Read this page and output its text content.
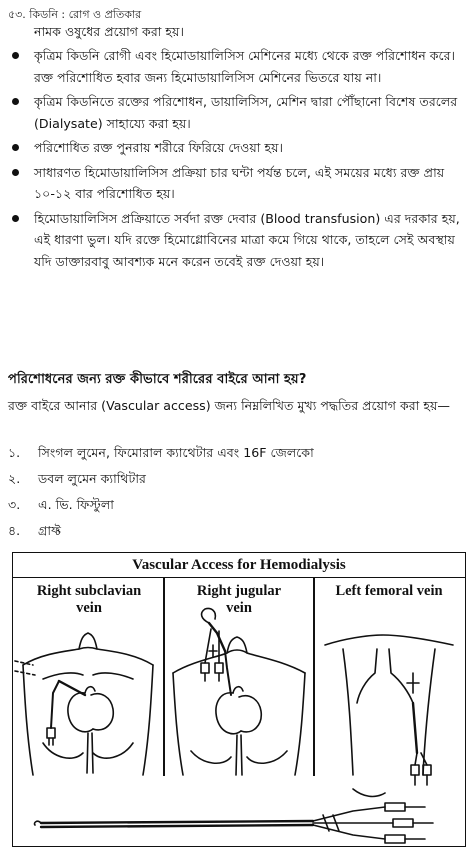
৫৩. কিডনি : রোগ ও প্রতিকার
নামক ওষুধের প্রয়োগ করা হয়।
কৃত্রিম কিডনি রোগী এবং হিমোডায়ালিসিস মেশিনের মধ্যে থেকে রক্ত পরিশোধন করে। রক্ত পরিশোধিত হবার জন্য হিমোডায়ালিসিস মেশিনের ভিতরে যায় না।
কৃত্রিম কিডনিতে রক্তের পরিশোধন, ডায়ালিসিস, মেশিন দ্বারা পৌঁছানো বিশেষ তরলের (Dialysate) সাহায্যে করা হয়।
পরিশোধিত রক্ত পুনরায় শরীরে ফিরিয়ে দেওয়া হয়।
সাধারণত হিমোডায়ালিসিস প্রক্রিয়া চার ঘন্টা পর্যন্ত চলে, এই সময়ের মধ্যে রক্ত প্রায় ১০-১২ বার পরিশোধিত হয়।
হিমোডায়ালিসিস প্রক্রিয়াতে সর্বদা রক্ত দেবার (Blood transfusion) এর দরকার হয়, এই ধারণা ভুল। যদি রক্তে হিমোগ্লোবিনের মাত্রা কমে গিয়ে থাকে, তাহলে সেই অবস্থায় যদি ডাক্তারবাবু আবশ্যক মনে করেন তবেই রক্ত দেওয়া হয়।
পরিশোধনের জন্য রক্ত কীভাবে শরীরের বাইরে আনা হয়?
রক্ত বাইরে আনার (Vascular access) জন্য নিম্নলিখিত মুখ্য পদ্ধতির প্রয়োগ করা হয়—
১. সিংগল লুমেন, ফিমোরাল ক্যাথেটার এবং 16F জেলকো
২. ডবল লুমেন ক্যাথিটার
৩. এ. ভি. ফিস্টুলা
৪. গ্রাফ্ট
Vascular Access for Hemodialysis
Right subclavian
vein
Right jugular
vein
Left femoral vein
